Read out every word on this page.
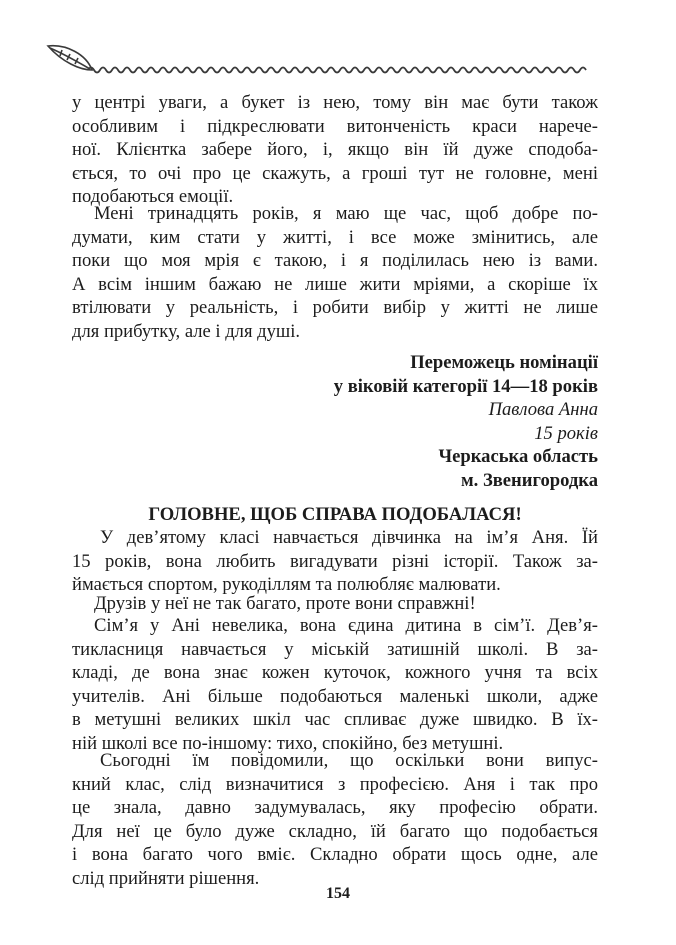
у центрі уваги, а букет із нею, тому він має бути також
особливим і підкреслювати витонченість краси нарече-
ної. Клієнтка забере його, і, якщо він їй дуже сподоба-
ється, то очі про це скажуть, а гроші тут не головне, мені
подобаються емоції.
Мені тринадцять років, я маю ще час, щоб добре по-
думати, ким стати у житті, і все може змінитись, але
поки що моя мрія є такою, і я поділилась нею із вами.
А всім іншим бажаю не лише жити мріями, а скоріше їх
втілювати у реальність, і робити вибір у житті не лише
для прибутку, але і для душі.
Переможець номінації
у віковій категорії 14—18 років
Павлова Анна
15 років
Черкаська область
м. Звенигородка
ГОЛОВНЕ, ЩОБ СПРАВА ПОДОБАЛАСЯ!
У дев’ятому класі навчається дівчинка на ім’я Аня. Їй
15 років, вона любить вигадувати різні історії. Також за-
ймається спортом, рукоділлям та полюбляє малювати.
Друзів у неї не так багато, проте вони справжні!
Сім’я у Ані невелика, вона єдина дитина в сім’ї. Дев’я-
тикласниця навчається у міській затишній школі. В за-
кладі, де вона знає кожен куточок, кожного учня та всіх
учителів. Ані більше подобаються маленькі школи, адже
в метушні великих шкіл час спливає дуже швидко. В їх-
ній школі все по-іншому: тихо, спокійно, без метушні.
Сьогодні їм повідомили, що оскільки вони випус-
кний клас, слід визначитися з професією. Аня і так про
це знала, давно задумувалась, яку професію обрати.
Для неї це було дуже складно, їй багато що подобається
і вона багато чого вміє. Складно обрати щось одне, але
слід прийняти рішення.
154
